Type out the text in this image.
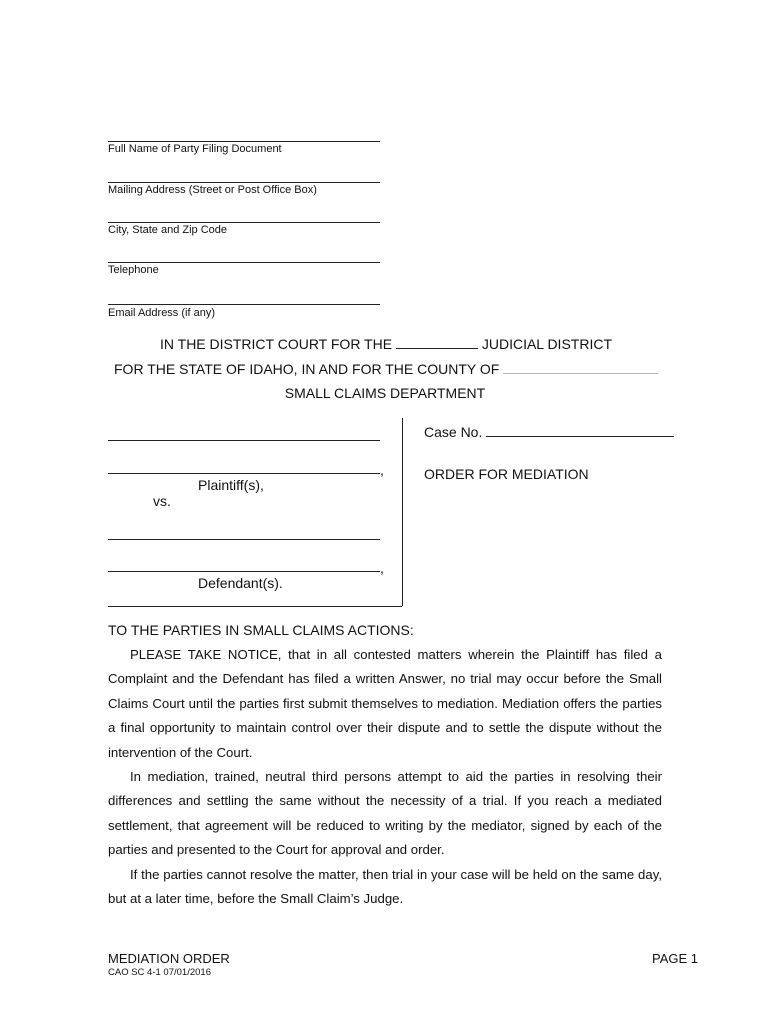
Full Name of Party Filing Document
Mailing Address (Street or Post Office Box)
City, State and Zip Code
Telephone
Email Address (if any)
IN THE DISTRICT COURT FOR THE	JUDICIAL DISTRICT
FOR THE STATE OF IDAHO, IN AND FOR THE COUNTY OF
SMALL CLAIMS DEPARTMENT
,
Plaintiff(s),
vs.
,
Defendant(s).
Case No.
ORDER FOR MEDIATION
TO THE PARTIES IN SMALL CLAIMS ACTIONS:

PLEASE TAKE NOTICE, that in all contested matters wherein the Plaintiff has filed a Complaint and the Defendant has filed a written Answer, no trial may occur before the Small Claims Court until the parties first submit themselves to mediation. Mediation offers the parties a final opportunity to maintain control over their dispute and to settle the dispute without the intervention of the Court.

In mediation, trained, neutral third persons attempt to aid the parties in resolving their differences and settling the same without the necessity of a trial. If you reach a mediated settlement, that agreement will be reduced to writing by the mediator, signed by each of the parties and presented to the Court for approval and order.

If the parties cannot resolve the matter, then trial in your case will be held on the same day, but at a later time, before the Small Claim’s Judge.

MEDIATION ORDER
CAO SC 4-1 07/01/2016
PAGE 1
